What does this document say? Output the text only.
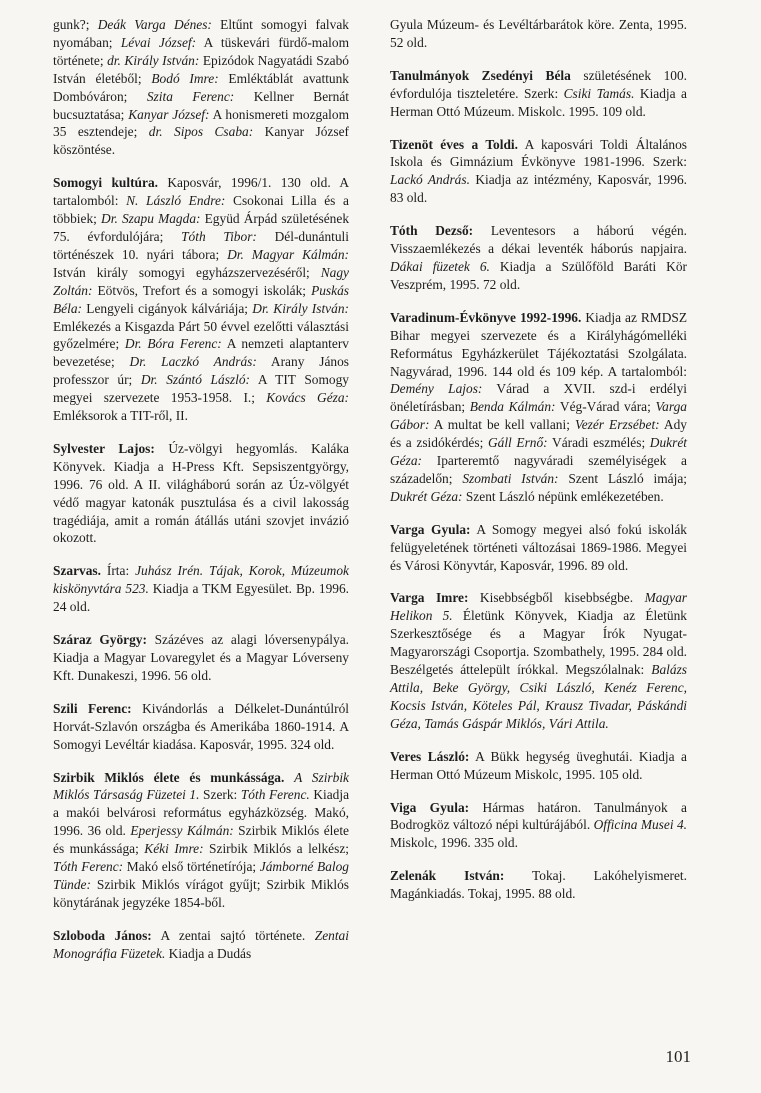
gunk?; Deák Varga Dénes: Eltűnt somogyi falvak nyomában; Lévai József: A tüskevári fürdő-malom története; dr. Király István: Epizódok Nagyatádi Szabó István életéből; Bodó Imre: Emléktáblát avattunk Dombóváron; Szita Ferenc: Kellner Bernát bucsuztatása; Kanyar József: A honismereti mozgalom 35 esztendeje; dr. Sipos Csaba: Kanyar József köszöntése.

Somogyi kultúra. Kaposvár, 1996/1. 130 old. A tartalomból: N. László Endre: Csokonai Lilla és a többiek; Dr. Szapu Magda: Együd Árpád születésének 75. évfordulójára; Tóth Tibor: Dél-dunántuli történészek 10. nyári tábora; Dr. Magyar Kálmán: István király somogyi egyházszervezéséről; Nagy Zoltán: Eötvös, Trefort és a somogyi iskolák; Puskás Béla: Lengyeli cigányok kálváriája; Dr. Király István: Emlékezés a Kisgazda Párt 50 évvel ezelőtti választási győzelmére; Dr. Bóra Ferenc: A nemzeti alaptanterv bevezetése; Dr. Laczkó András: Arany János professzor úr; Dr. Szántó László: A TIT Somogy megyei szervezete 1953-1958. I.; Kovács Géza: Emléksorok a TIT-ről, II.

Sylvester Lajos: Úz-völgyi hegyomlás. Kaláka Könyvek. Kiadja a H-Press Kft. Sepsiszentgyörgy, 1996. 76 old. A II. világháború során az Úz-völgyét védő magyar katonák pusztulása és a civil lakosság tragédiája, amit a román átállás utáni szovjet invázió okozott.

Szarvas. Írta: Juhász Irén. Tájak, Korok, Múzeumok kiskönyvtára 523. Kiadja a TKM Egyesület. Bp. 1996. 24 old.

Száraz György: Százéves az alagi lóversenypálya. Kiadja a Magyar Lovaregylet és a Magyar Lóverseny Kft. Dunakeszi, 1996. 56 old.

Szili Ferenc: Kivándorlás a Délkelet-Dunántúlról Horvát-Szlavón országba és Amerikába 1860-1914. A Somogyi Levéltár kiadása. Kaposvár, 1995. 324 old.

Szirbik Miklós élete és munkássága. A Szirbik Miklós Társaság Füzetei 1. Szerk: Tóth Ferenc. Kiadja a makói belvárosi református egyházközség. Makó, 1996. 36 old. Eperjessy Kálmán: Szirbik Miklós élete és munkássága; Kéki Imre: Szirbik Miklós a lelkész; Tóth Ferenc: Makó első történetírója; Jámborné Balog Tünde: Szirbik Miklós vírágot gyűjt; Szirbik Miklós könytárának jegyzéke 1854-ből.

Szloboda János: A zentai sajtó története. Zentai Monográfia Füzetek. Kiadja a Dudás

Gyula Múzeum- és Levéltárbarátok köre. Zenta, 1995. 52 old.

Tanulmányok Zsedényi Béla születésének 100. évfordulója tiszteletére. Szerk: Csiki Tamás. Kiadja a Herman Ottó Múzeum. Miskolc. 1995. 109 old.

Tizenöt éves a Toldi. A kaposvári Toldi Általános Iskola és Gimnázium Évkönyve 1981-1996. Szerk: Lackó András. Kiadja az intézmény, Kaposvár, 1996. 83 old.

Tóth Dezső: Leventesors a háború végén. Visszaemlékezés a dékai leventék háborús napjaira. Dákai füzetek 6. Kiadja a Szülőföld Baráti Kör Veszprém, 1995. 72 old.

Varadinum-Évkönyve 1992-1996. Kiadja az RMDSZ Bihar megyei szervezete és a Királyhágómelléki Református Egyházkerület Tájékoztatási Szolgálata. Nagyvárad, 1996. 144 old és 109 kép. A tartalomból: Demény Lajos: Várad a XVII. szd-i erdélyi önéletírásban; Benda Kálmán: Vég-Várad vára; Varga Gábor: A multat be kell vallani; Vezér Erzsébet: Ady és a zsidókérdés; Gáll Ernő: Váradi eszmélés; Dukrét Géza: Iparteremtő nagyváradi személyiségek a századelőn; Szombati István: Szent László imája; Dukrét Géza: Szent László népünk emlékezetében.

Varga Gyula: A Somogy megyei alsó fokú iskolák felügyeletének történeti változásai 1869-1986. Megyei és Városi Könyvtár, Kaposvár, 1996. 89 old.

Varga Imre: Kisebbségből kisebbségbe. Magyar Helikon 5. Életünk Könyvek, Kiadja az Életünk Szerkesztősége és a Magyar Írók Nyugat-Magyarországi Csoportja. Szombathely, 1995. 284 old. Beszélgetés áttelepült írókkal. Megszólalnak: Balázs Attila, Beke György, Csiki László, Kenéz Ferenc, Kocsis István, Köteles Pál, Krausz Tivadar, Páskándi Géza, Tamás Gáspár Miklós, Vári Attila.

Veres László: A Bükk hegység üveghutái. Kiadja a Herman Ottó Múzeum Miskolc, 1995. 105 old.

Viga Gyula: Hármas határon. Tanulmányok a Bodrogköz változó népi kultúrájából. Officina Musei 4. Miskolc, 1996. 335 old.

Zelenák István: Tokaj. Lakóhelyismeret. Magánkiadás. Tokaj, 1995. 88 old.

101
